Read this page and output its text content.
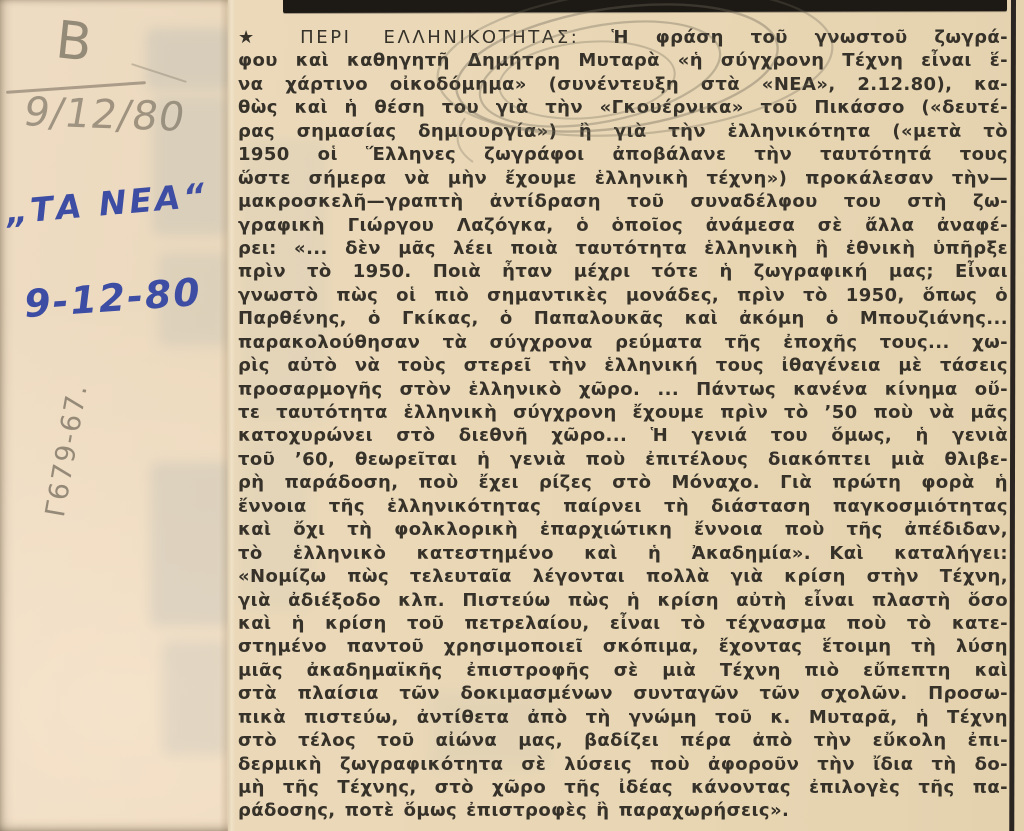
★ ΠΕΡΙ ΕΛΛΗΝΙΚΟΤΗΤΑΣ: Ἡ φράση τοῦ γνωστοῦ ζωγρά-
φου καὶ καθηγητῆ Δημήτρη Μυταρὰ «ἡ σύγχρονη Τέχνη εἶναι ἕ-
να χάρτινο οἰκοδόμημα» (συνέντευξη στὰ «ΝΕΑ», 2.12.80), κα-
θὼς καὶ ἡ θέση του γιὰ τὴν «Γκουέρνικα» τοῦ Πικάσσο («δευτέ-
ρας σημασίας δημιουργία») ἢ γιὰ τὴν ἑλληνικότητα («μετὰ τὸ
1950 οἱ Ἕλληνες ζωγράφοι ἀποβάλανε τὴν ταυτότητά τους
ὥστε σήμερα νὰ μὴν ἔχουμε ἑλληνικὴ τέχνη») προκάλεσαν τὴν—
μακροσκελῆ—γραπτὴ ἀντίδραση τοῦ συναδέλφου του στὴ ζω-
γραφικὴ Γιώργου Λαζόγκα, ὁ ὁποῖος ἀνάμεσα σὲ ἄλλα ἀναφέ-
ρει: «... δὲν μᾶς λέει ποιὰ ταυτότητα ἑλληνικὴ ἢ ἐθνικὴ ὑπῆρξε
πρὶν τὸ 1950. Ποιὰ ἦταν μέχρι τότε ἡ ζωγραφική μας; Εἶναι
γνωστὸ πὼς οἱ πιὸ σημαντικὲς μονάδες, πρὶν τὸ 1950, ὅπως ὁ
Παρθένης, ὁ Γκίκας, ὁ Παπαλουκᾶς καὶ ἀκόμη ὁ Μπουζιάνης...
παρακολούθησαν τὰ σύγχρονα ρεύματα τῆς ἐποχῆς τους... χω-
ρὶς αὐτὸ νὰ τοὺς στερεῖ τὴν ἑλληνική τους ἰθαγένεια μὲ τάσεις
προσαρμογῆς στὸν ἑλληνικὸ χῶρο. ... Πάντως κανένα κίνημα οὔ-
τε ταυτότητα ἑλληνικὴ σύγχρονη ἔχουμε πρὶν τὸ ’50 ποὺ νὰ μᾶς
κατοχυρώνει στὸ διεθνῆ χῶρο... Ἡ γενιά του ὅμως, ἡ γενιὰ
τοῦ ’60, θεωρεῖται ἡ γενιὰ ποὺ ἐπιτέλους διακόπτει μιὰ θλιβε-
ρὴ παράδοση, ποὺ ἔχει ρίζες στὸ Μόναχο. Γιὰ πρώτη φορὰ ἡ
ἔννοια τῆς ἑλληνικότητας παίρνει τὴ διάσταση παγκοσμιότητας
καὶ ὄχι τὴ φολκλορικὴ ἐπαρχιώτικη ἔννοια ποὺ τῆς ἀπέδιδαν,
τὸ ἑλληνικὸ κατεστημένο καὶ ἡ Ἀκαδημία». Καὶ καταλήγει:
«Νομίζω πὼς τελευταῖα λέγονται πολλὰ γιὰ κρίση στὴν Τέχνη,
γιὰ ἀδιέξοδο κλπ. Πιστεύω πὼς ἡ κρίση αὐτὴ εἶναι πλαστὴ ὅσο
καὶ ἡ κρίση τοῦ πετρελαίου, εἶναι τὸ τέχνασμα ποὺ τὸ κατε-
στημένο παντοῦ χρησιμοποιεῖ σκόπιμα, ἔχοντας ἕτοιμη τὴ λύση
μιᾶς ἀκαδημαϊκῆς ἐπιστροφῆς σὲ μιὰ Τέχνη πιὸ εὔπεπτη καὶ
στὰ πλαίσια τῶν δοκιμασμένων συνταγῶν τῶν σχολῶν. Προσω-
πικὰ πιστεύω, ἀντίθετα ἀπὸ τὴ γνώμη τοῦ κ. Μυταρᾶ, ἡ Τέχνη
στὸ τέλος τοῦ αἰώνα μας, βαδίζει πέρα ἀπὸ τὴν εὔκολη ἐπι-
δερμικὴ ζωγραφικότητα σὲ λύσεις ποὺ ἀφοροῦν τὴν ἴδια τὴ δο-
μὴ τῆς Τέχνης, στὸ χῶρο τῆς ἰδέας κάνοντας ἐπιλογὲς τῆς πα-
ράδοσης, ποτὲ ὅμως ἐπιστροφὲς ἢ παραχωρήσεις».
Β
9/12/80
„ΤΑ ΝΕΑ“
9-12-80
Γ679-67.
